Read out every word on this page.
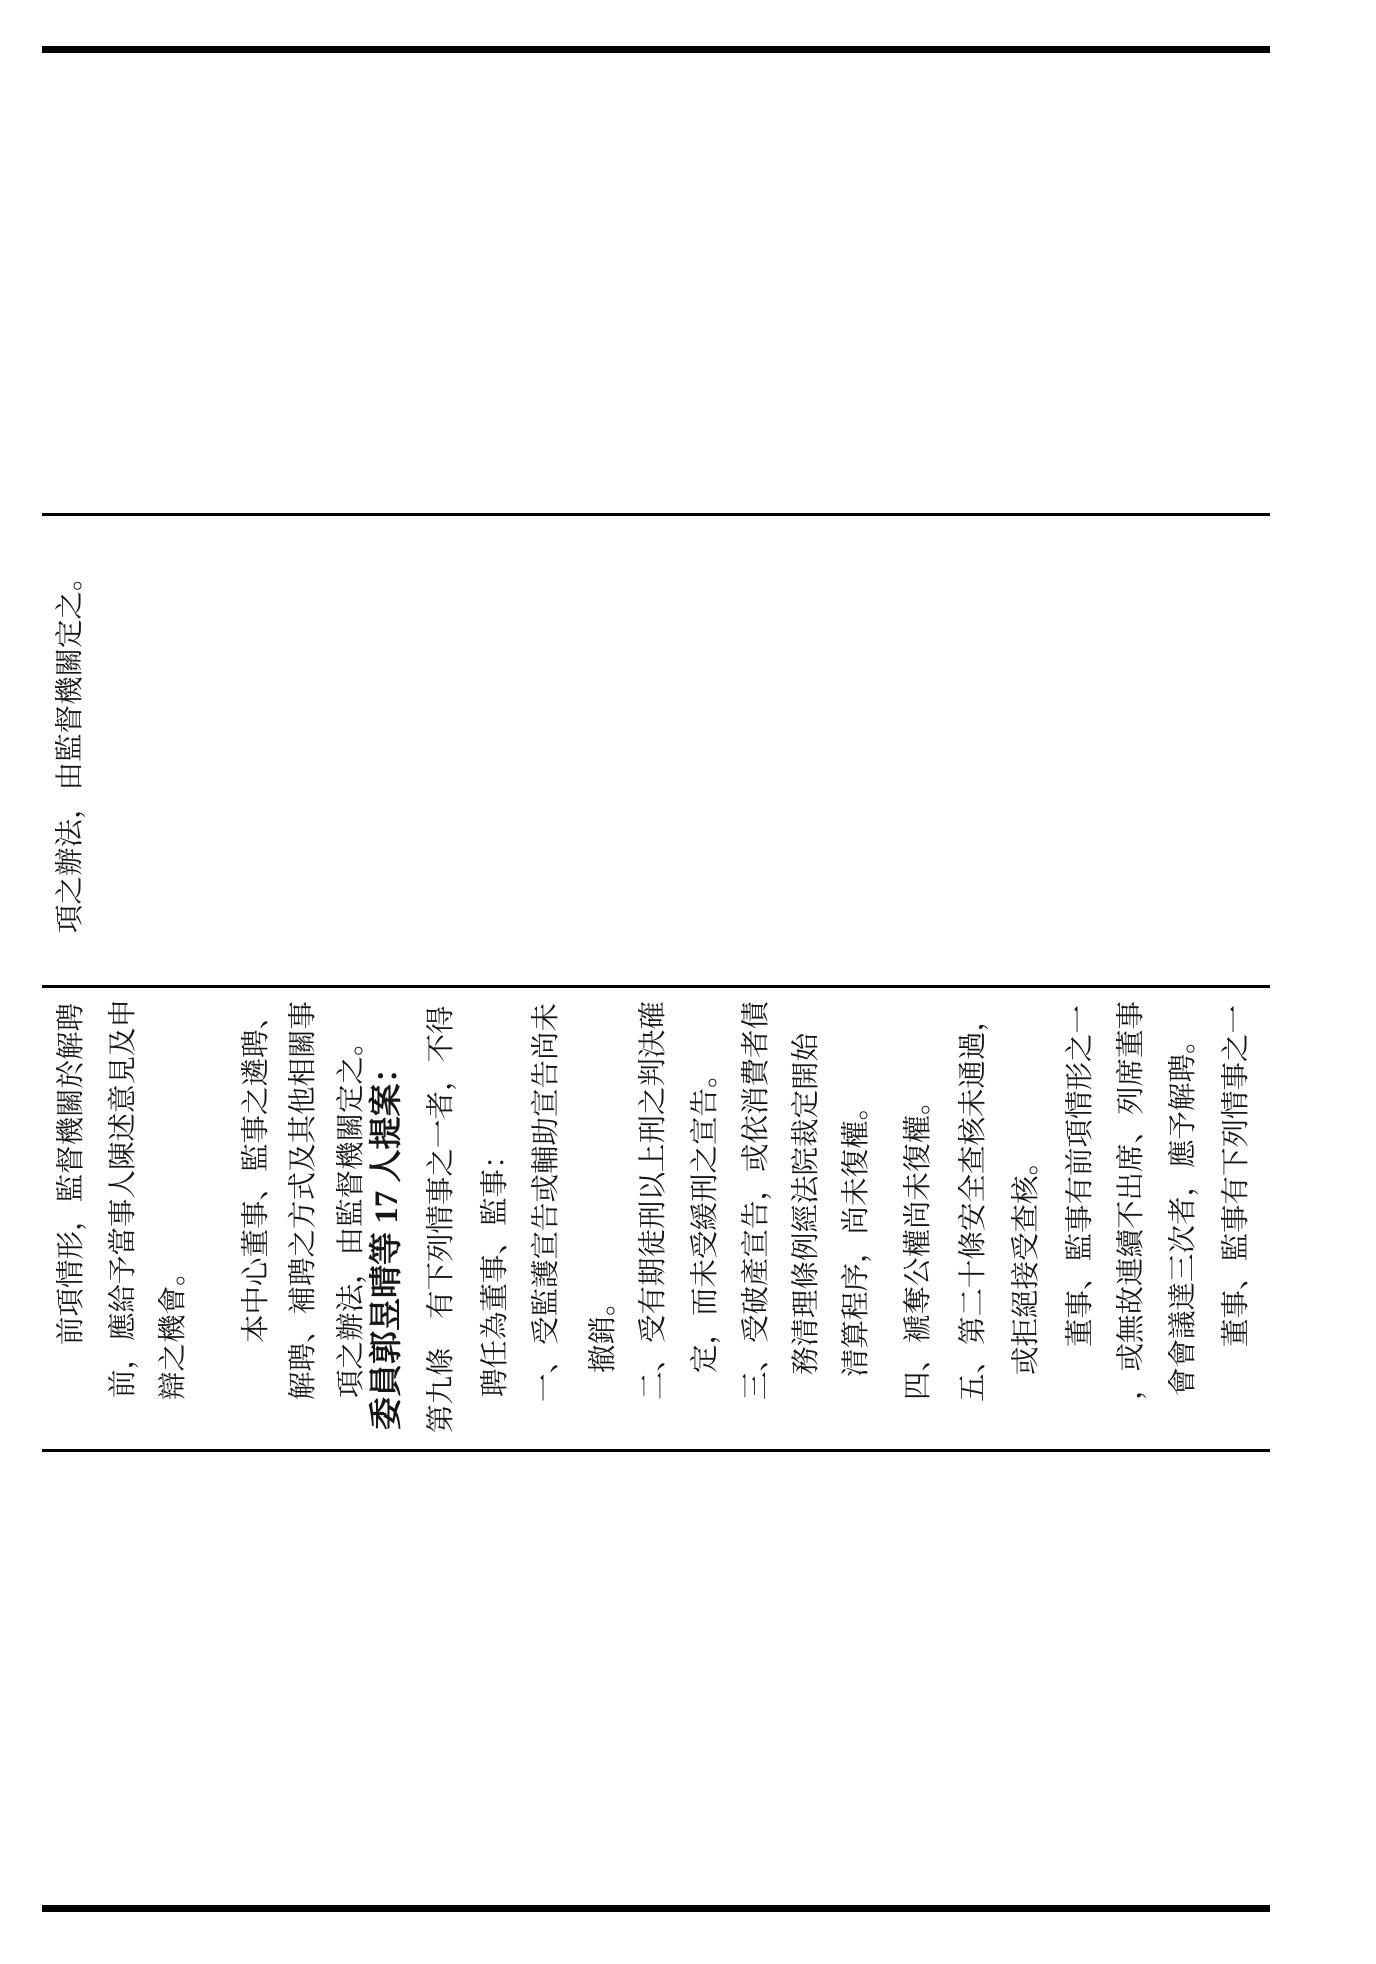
項之辦法，由監督機關定之。
前項情形，監督機關於解聘 前，應給予當事人陳述意見及申 辯之機會。 本中心董事、監事之遴聘、 解聘、補聘之方式及其他相關事 項之辦法，由監督機關定之。 委員郭昱晴等 17 人提案： 第九條　有下列情事之一者，不得 聘任為董事、監事： 一、受監護宣告或輔助宣告尚未 撤銷。 二、受有期徒刑以上刑之判決確 定，而未受緩刑之宣告。 三、受破產宣告，或依消費者債 務清理條例經法院裁定開始 清算程序，尚未復權。 四、褫奪公權尚未復權。 五、第二十條安全查核未通過， 或拒絕接受查核。 董事、監事有前項情形之一 ，或無故連續不出席、列席董事 會會議達三次者，應予解聘。 董事、監事有下列情事之一
